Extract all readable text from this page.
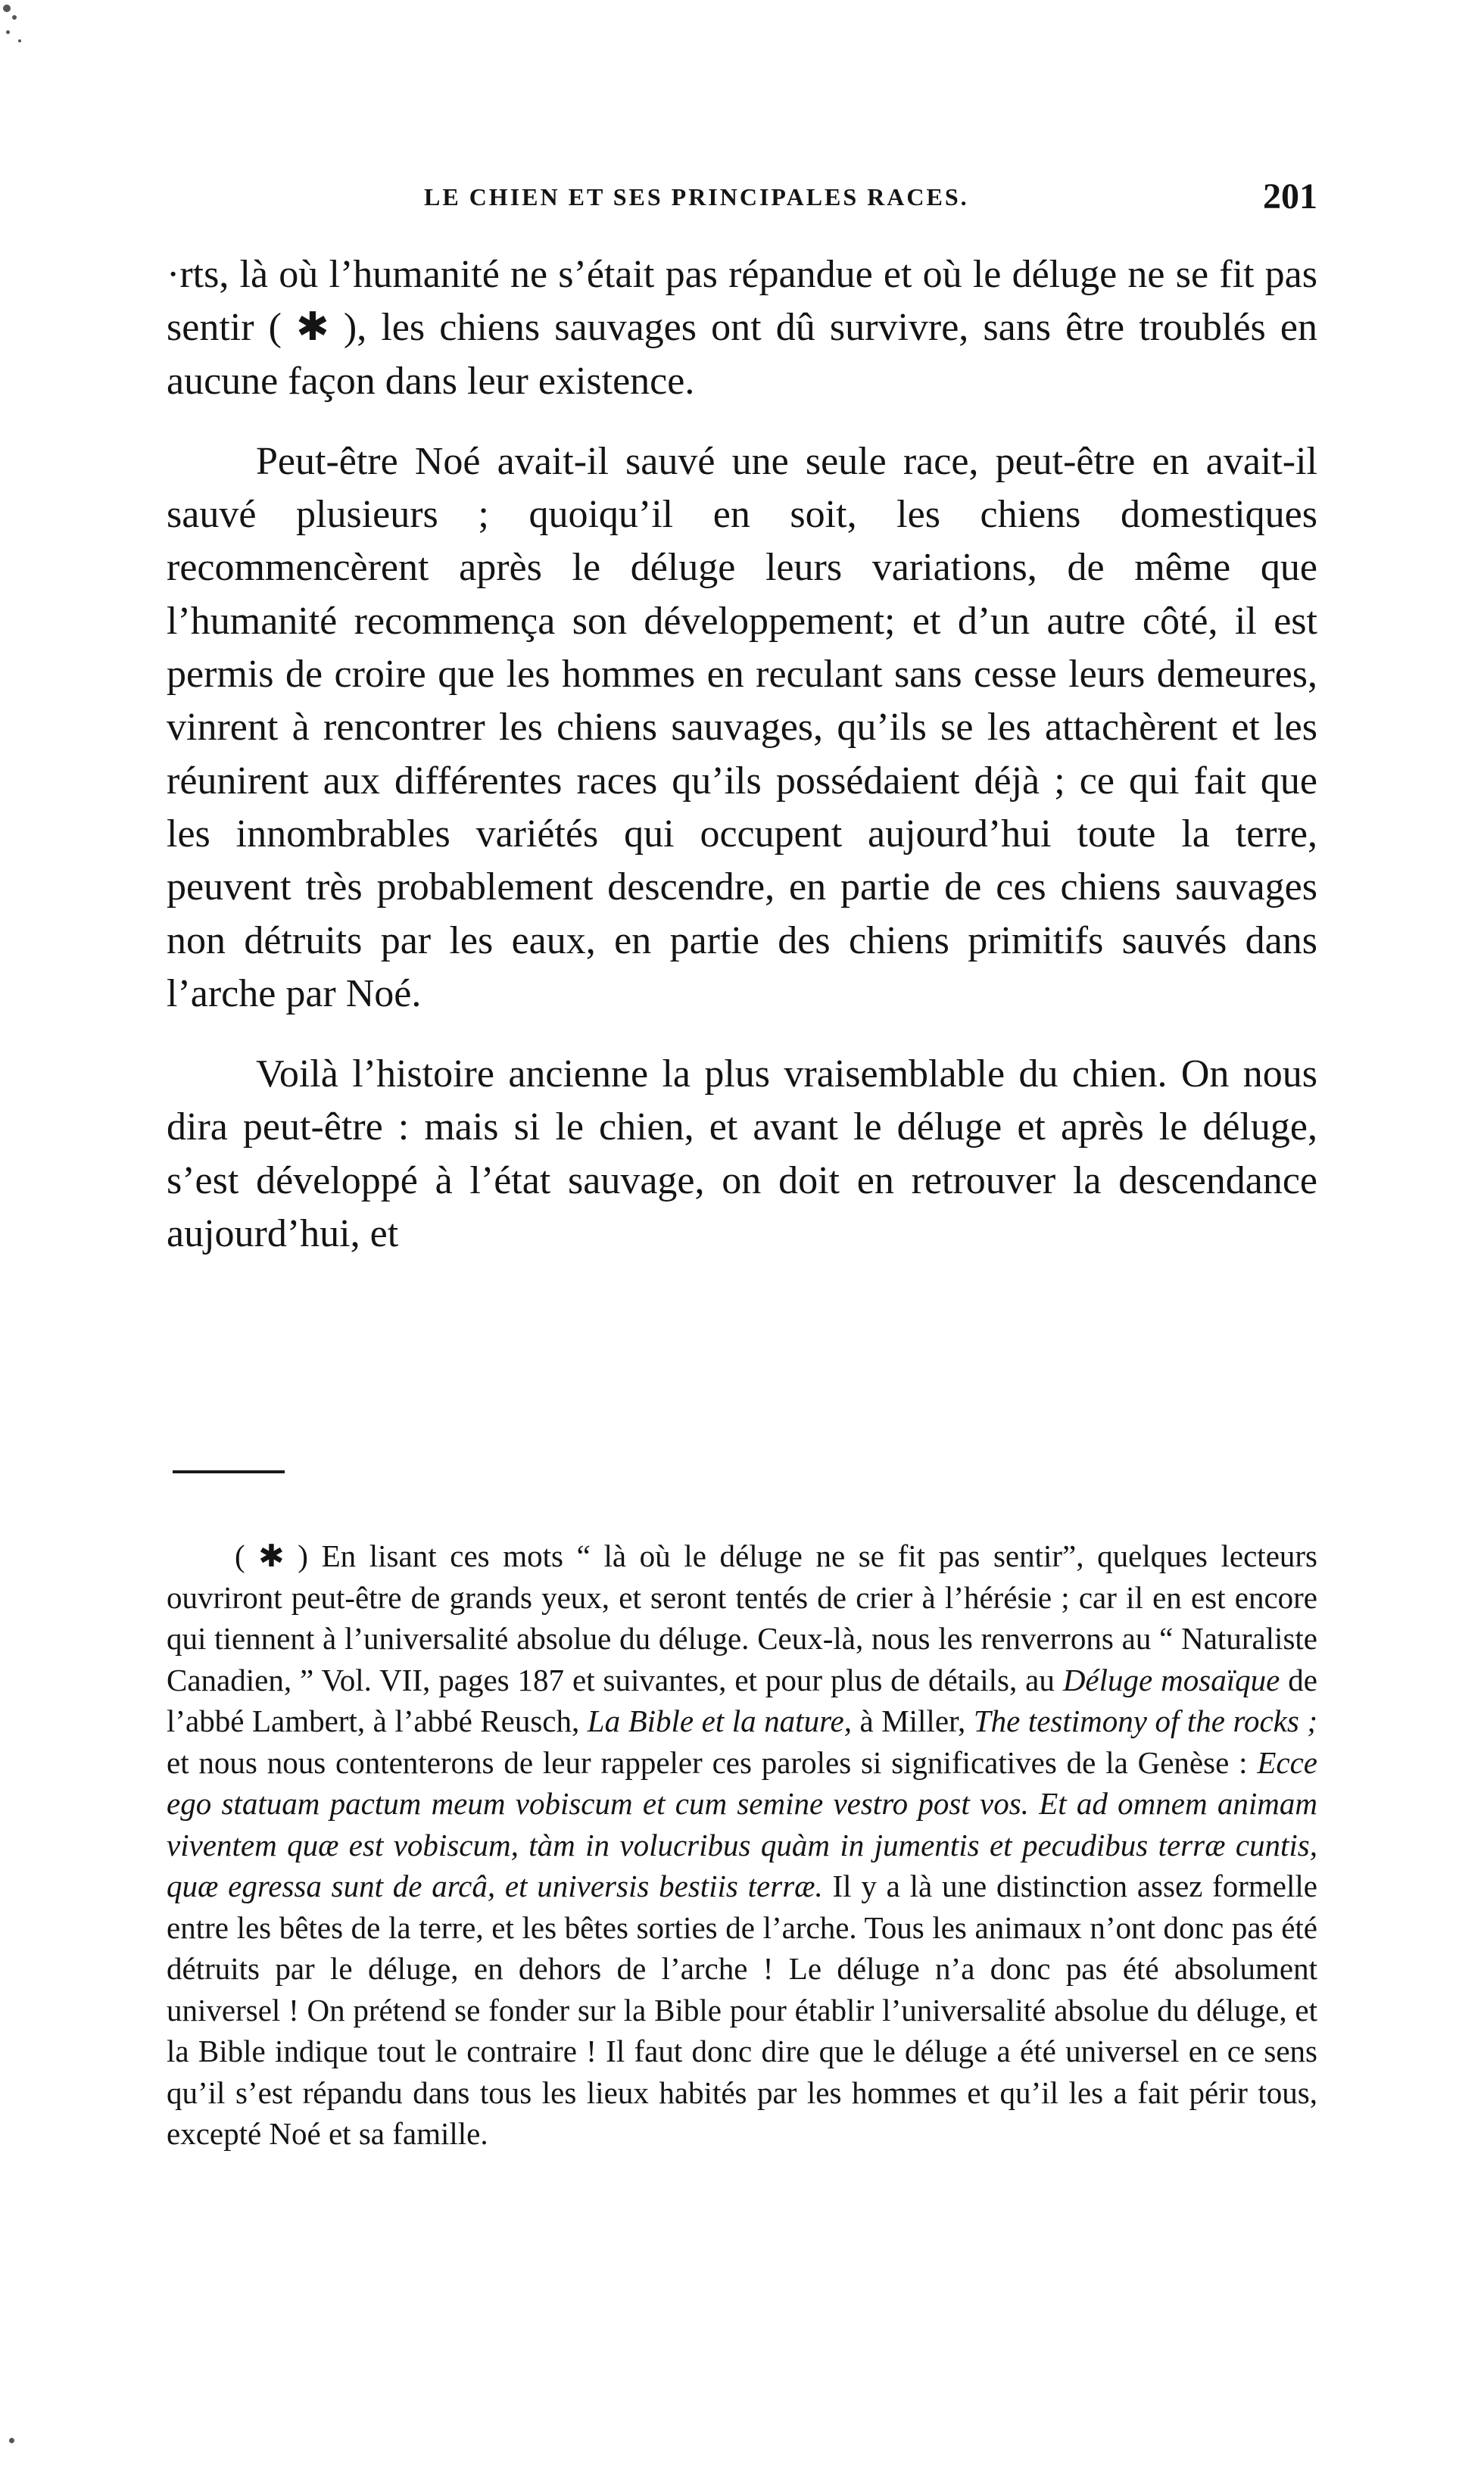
LE CHIEN ET SES PRINCIPALES RACES.	201

·rts, là où l’humanité ne s’était pas répandue et où le déluge ne se fit pas sentir ( ✱ ), les chiens sauvages ont dû survivre, sans être troublés en aucune façon dans leur existence.

Peut-être Noé avait-il sauvé une seule race, peut-être en avait-il sauvé plusieurs ; quoiqu’il en soit, les chiens domestiques recommencèrent après le déluge leurs variations, de même que l’humanité recommença son développement; et d’un autre côté, il est permis de croire que les hommes en reculant sans cesse leurs demeures, vinrent à rencontrer les chiens sauvages, qu’ils se les attachèrent et les réunirent aux différentes races qu’ils possédaient déjà ; ce qui fait que les innombrables variétés qui occupent aujourd’hui toute la terre, peuvent très probablement descendre, en partie de ces chiens sauvages non détruits par les eaux, en partie des chiens primitifs sauvés dans l’arche par Noé.

Voilà l’histoire ancienne la plus vraisemblable du chien. On nous dira peut-être : mais si le chien, et avant le déluge et après le déluge, s’est développé à l’état sauvage, on doit en retrouver la descendance aujourd’hui, et

( ✱ ) En lisant ces mots “ là où le déluge ne se fit pas sentir”, quelques lecteurs ouvriront peut-être de grands yeux, et seront tentés de crier à l’hérésie ; car il en est encore qui tiennent à l’universalité absolue du déluge. Ceux-là, nous les renverrons au “ Naturaliste Canadien, ” Vol. VII, pages 187 et suivantes, et pour plus de détails, au Déluge mosaïque de l’abbé Lambert, à l’abbé Reusch, La Bible et la nature, à Miller, The testimony of the rocks ; et nous nous contenterons de leur rappeler ces paroles si significatives de la Genèse : Ecce ego statuam pactum meum vobiscum et cum semine vestro post vos. Et ad omnem animam viventem quæ est vobiscum, tàm in volucribus quàm in jumentis et pecudibus terræ cuntis, quæ egressa sunt de arcâ, et universis bestiis terræ. Il y a là une distinction assez formelle entre les bêtes de la terre, et les bêtes sorties de l’arche. Tous les animaux n’ont donc pas été détruits par le déluge, en dehors de l’arche ! Le déluge n’a donc pas été absolument universel ! On prétend se fonder sur la Bible pour établir l’universalité absolue du déluge, et la Bible indique tout le contraire ! Il faut donc dire que le déluge a été universel en ce sens qu’il s’est répandu dans tous les lieux habités par les hommes et qu’il les a fait périr tous, excepté Noé et sa famille.
